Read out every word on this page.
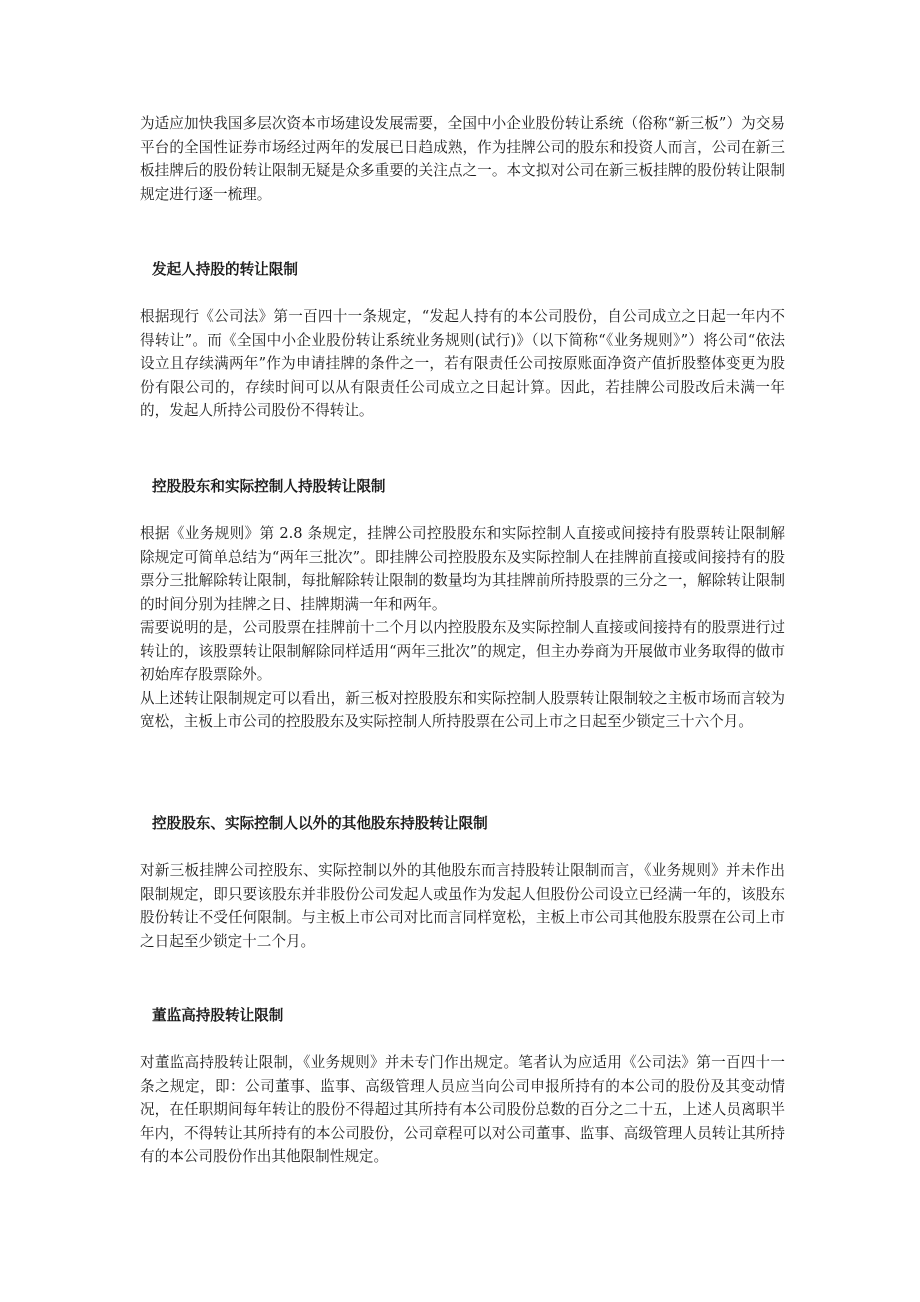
为适应加快我国多层次资本市场建设发展需要，全国中小企业股份转让系统（俗称“新三板”）为交易平台的全国性证券市场经过两年的发展已日趋成熟，作为挂牌公司的股东和投资人而言，公司在新三板挂牌后的股份转让限制无疑是众多重要的关注点之一。本文拟对公司在新三板挂牌的股份转让限制规定进行逐一梳理。

发起人持股的转让限制

根据现行《公司法》第一百四十一条规定，“发起人持有的本公司股份，自公司成立之日起一年内不得转让”。而《全国中小企业股份转让系统业务规则(试行)》（以下简称“《业务规则》”）将公司“依法设立且存续满两年”作为申请挂牌的条件之一，若有限责任公司按原账面净资产值折股整体变更为股份有限公司的，存续时间可以从有限责任公司成立之日起计算。因此，若挂牌公司股改后未满一年的，发起人所持公司股份不得转让。

控股股东和实际控制人持股转让限制

根据《业务规则》第 2.8 条规定，挂牌公司控股股东和实际控制人直接或间接持有股票转让限制解除规定可简单总结为“两年三批次”。即挂牌公司控股股东及实际控制人在挂牌前直接或间接持有的股票分三批解除转让限制，每批解除转让限制的数量均为其挂牌前所持股票的三分之一，解除转让限制的时间分别为挂牌之日、挂牌期满一年和两年。

需要说明的是，公司股票在挂牌前十二个月以内控股股东及实际控制人直接或间接持有的股票进行过转让的，该股票转让限制解除同样适用“两年三批次”的规定，但主办券商为开展做市业务取得的做市初始库存股票除外。

从上述转让限制规定可以看出，新三板对控股股东和实际控制人股票转让限制较之主板市场而言较为宽松，主板上市公司的控股股东及实际控制人所持股票在公司上市之日起至少锁定三十六个月。

控股股东、实际控制人以外的其他股东持股转让限制

对新三板挂牌公司控股东、实际控制以外的其他股东而言持股转让限制而言，《业务规则》并未作出限制规定，即只要该股东并非股份公司发起人或虽作为发起人但股份公司设立已经满一年的，该股东股份转让不受任何限制。与主板上市公司对比而言同样宽松，主板上市公司其他股东股票在公司上市之日起至少锁定十二个月。

董监高持股转让限制

对董监高持股转让限制，《业务规则》并未专门作出规定。笔者认为应适用《公司法》第一百四十一条之规定，即：公司董事、监事、高级管理人员应当向公司申报所持有的本公司的股份及其变动情况，在任职期间每年转让的股份不得超过其所持有本公司股份总数的百分之二十五，上述人员离职半年内，不得转让其所持有的本公司股份，公司章程可以对公司董事、监事、高级管理人员转让其所持有的本公司股份作出其他限制性规定。
